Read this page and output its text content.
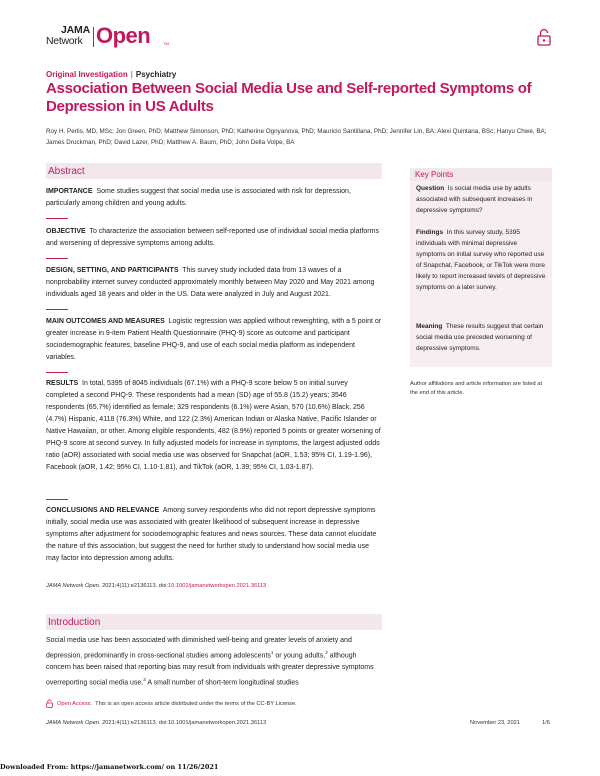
JAMA
Network Open	TM
Original Investigation | Psychiatry
Association Between Social Media Use and Self-reported Symptoms of Depression in US Adults

Roy H. Perlis, MD, MSc; Jon Green, PhD; Matthew Simonson, PhD; Katherine Ognyanova, PhD; Mauricio Santillana, PhD; Jennifer Lin, BA; Alexi Quintana, BSc; Hanyu Chwe, BA; James Druckman, PhD; David Lazer, PhD; Matthew A. Baum, PhD; John Della Volpe, BA

Abstract

IMPORTANCE Some studies suggest that social media use is associated with risk for depression, particularly among children and young adults.

OBJECTIVE To characterize the association between self-reported use of individual social media platforms and worsening of depressive symptoms among adults.

DESIGN, SETTING, AND PARTICIPANTS This survey study included data from 13 waves of a nonprobability internet survey conducted approximately monthly between May 2020 and May 2021 among individuals aged 18 years and older in the US. Data were analyzed in July and August 2021.

MAIN OUTCOMES AND MEASURES Logistic regression was applied without reweighting, with a 5 point or greater increase in 9-item Patient Health Questionnaire (PHQ-9) score as outcome and participant sociodemographic features, baseline PHQ-9, and use of each social media platform as independent variables.

RESULTS In total, 5395 of 8045 individuals (67.1%) with a PHQ-9 score below 5 on initial survey completed a second PHQ-9. These respondents had a mean (SD) age of 55.8 (15.2) years; 3546 respondents (65.7%) identified as female; 329 respondents (6.1%) were Asian, 570 (10.6%) Black, 256 (4.7%) Hispanic, 4118 (76.3%) White, and 122 (2.3%) American Indian or Alaska Native, Pacific Islander or Native Hawaiian, or other. Among eligible respondents, 482 (8.9%) reported 5 points or greater worsening of PHQ-9 score at second survey. In fully adjusted models for increase in symptoms, the largest adjusted odds ratio (aOR) associated with social media use was observed for Snapchat (aOR, 1.53; 95% CI, 1.19-1.96), Facebook (aOR, 1.42; 95% CI, 1.10-1.81), and TikTok (aOR, 1.39; 95% CI, 1.03-1.87).

CONCLUSIONS AND RELEVANCE Among survey respondents who did not report depressive symptoms initially, social media use was associated with greater likelihood of subsequent increase in depressive symptoms after adjustment for sociodemographic features and news sources. These data cannot elucidate the nature of this association, but suggest the need for further study to understand how social media use may factor into depression among adults.

JAMA Network Open. 2021;4(11):e2136113. doi:10.1001/jamanetworkopen.2021.36113

Introduction

Social media use has been associated with diminished well-being and greater levels of anxiety and depression, predominantly in cross-sectional studies among adolescents$^1$ or young adults,$^2$ although concern has been raised that reporting bias may result from individuals with greater depressive symptoms overreporting social media use.$^3$ A small number of short-term longitudinal studies

Key Points

Question Is social media use by adults associated with subsequent increases in depressive symptoms?

Findings In this survey study, 5395 individuals with minimal depressive symptoms on initial survey who reported use of Snapchat, Facebook, or TikTok were more likely to report increased levels of depressive symptoms on a later survey.

Meaning These results suggest that certain social media use preceded worsening of depressive symptoms.

Author affiliations and article information are listed at the end of this article.

Open Access. This is an open access article distributed under the terms of the CC-BY License.

JAMA Network Open. 2021;4(11):e2136113. doi:10.1001/jamanetworkopen.2021.36113	November 23, 2021	1/6
Downloaded From: https://jamanetwork.com/ on 11/26/2021
